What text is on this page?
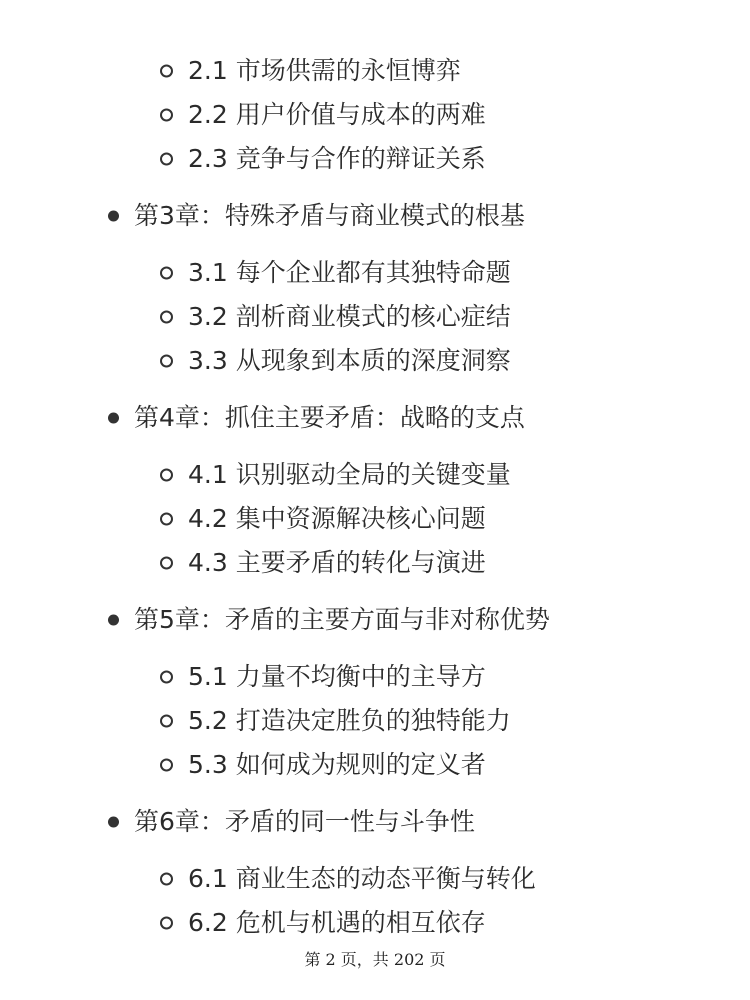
2.1 市场供需的永恒博弈
2.2 用户价值与成本的两难
2.3 竞争与合作的辩证关系
第3章：特殊矛盾与商业模式的根基
3.1 每个企业都有其独特命题
3.2 剖析商业模式的核心症结
3.3 从现象到本质的深度洞察
第4章：抓住主要矛盾：战略的支点
4.1 识别驱动全局的关键变量
4.2 集中资源解决核心问题
4.3 主要矛盾的转化与演进
第5章：矛盾的主要方面与非对称优势
5.1 力量不均衡中的主导方
5.2 打造决定胜负的独特能力
5.3 如何成为规则的定义者
第6章：矛盾的同一性与斗争性
6.1 商业生态的动态平衡与转化
6.2 危机与机遇的相互依存
第 2 页，共 202 页
